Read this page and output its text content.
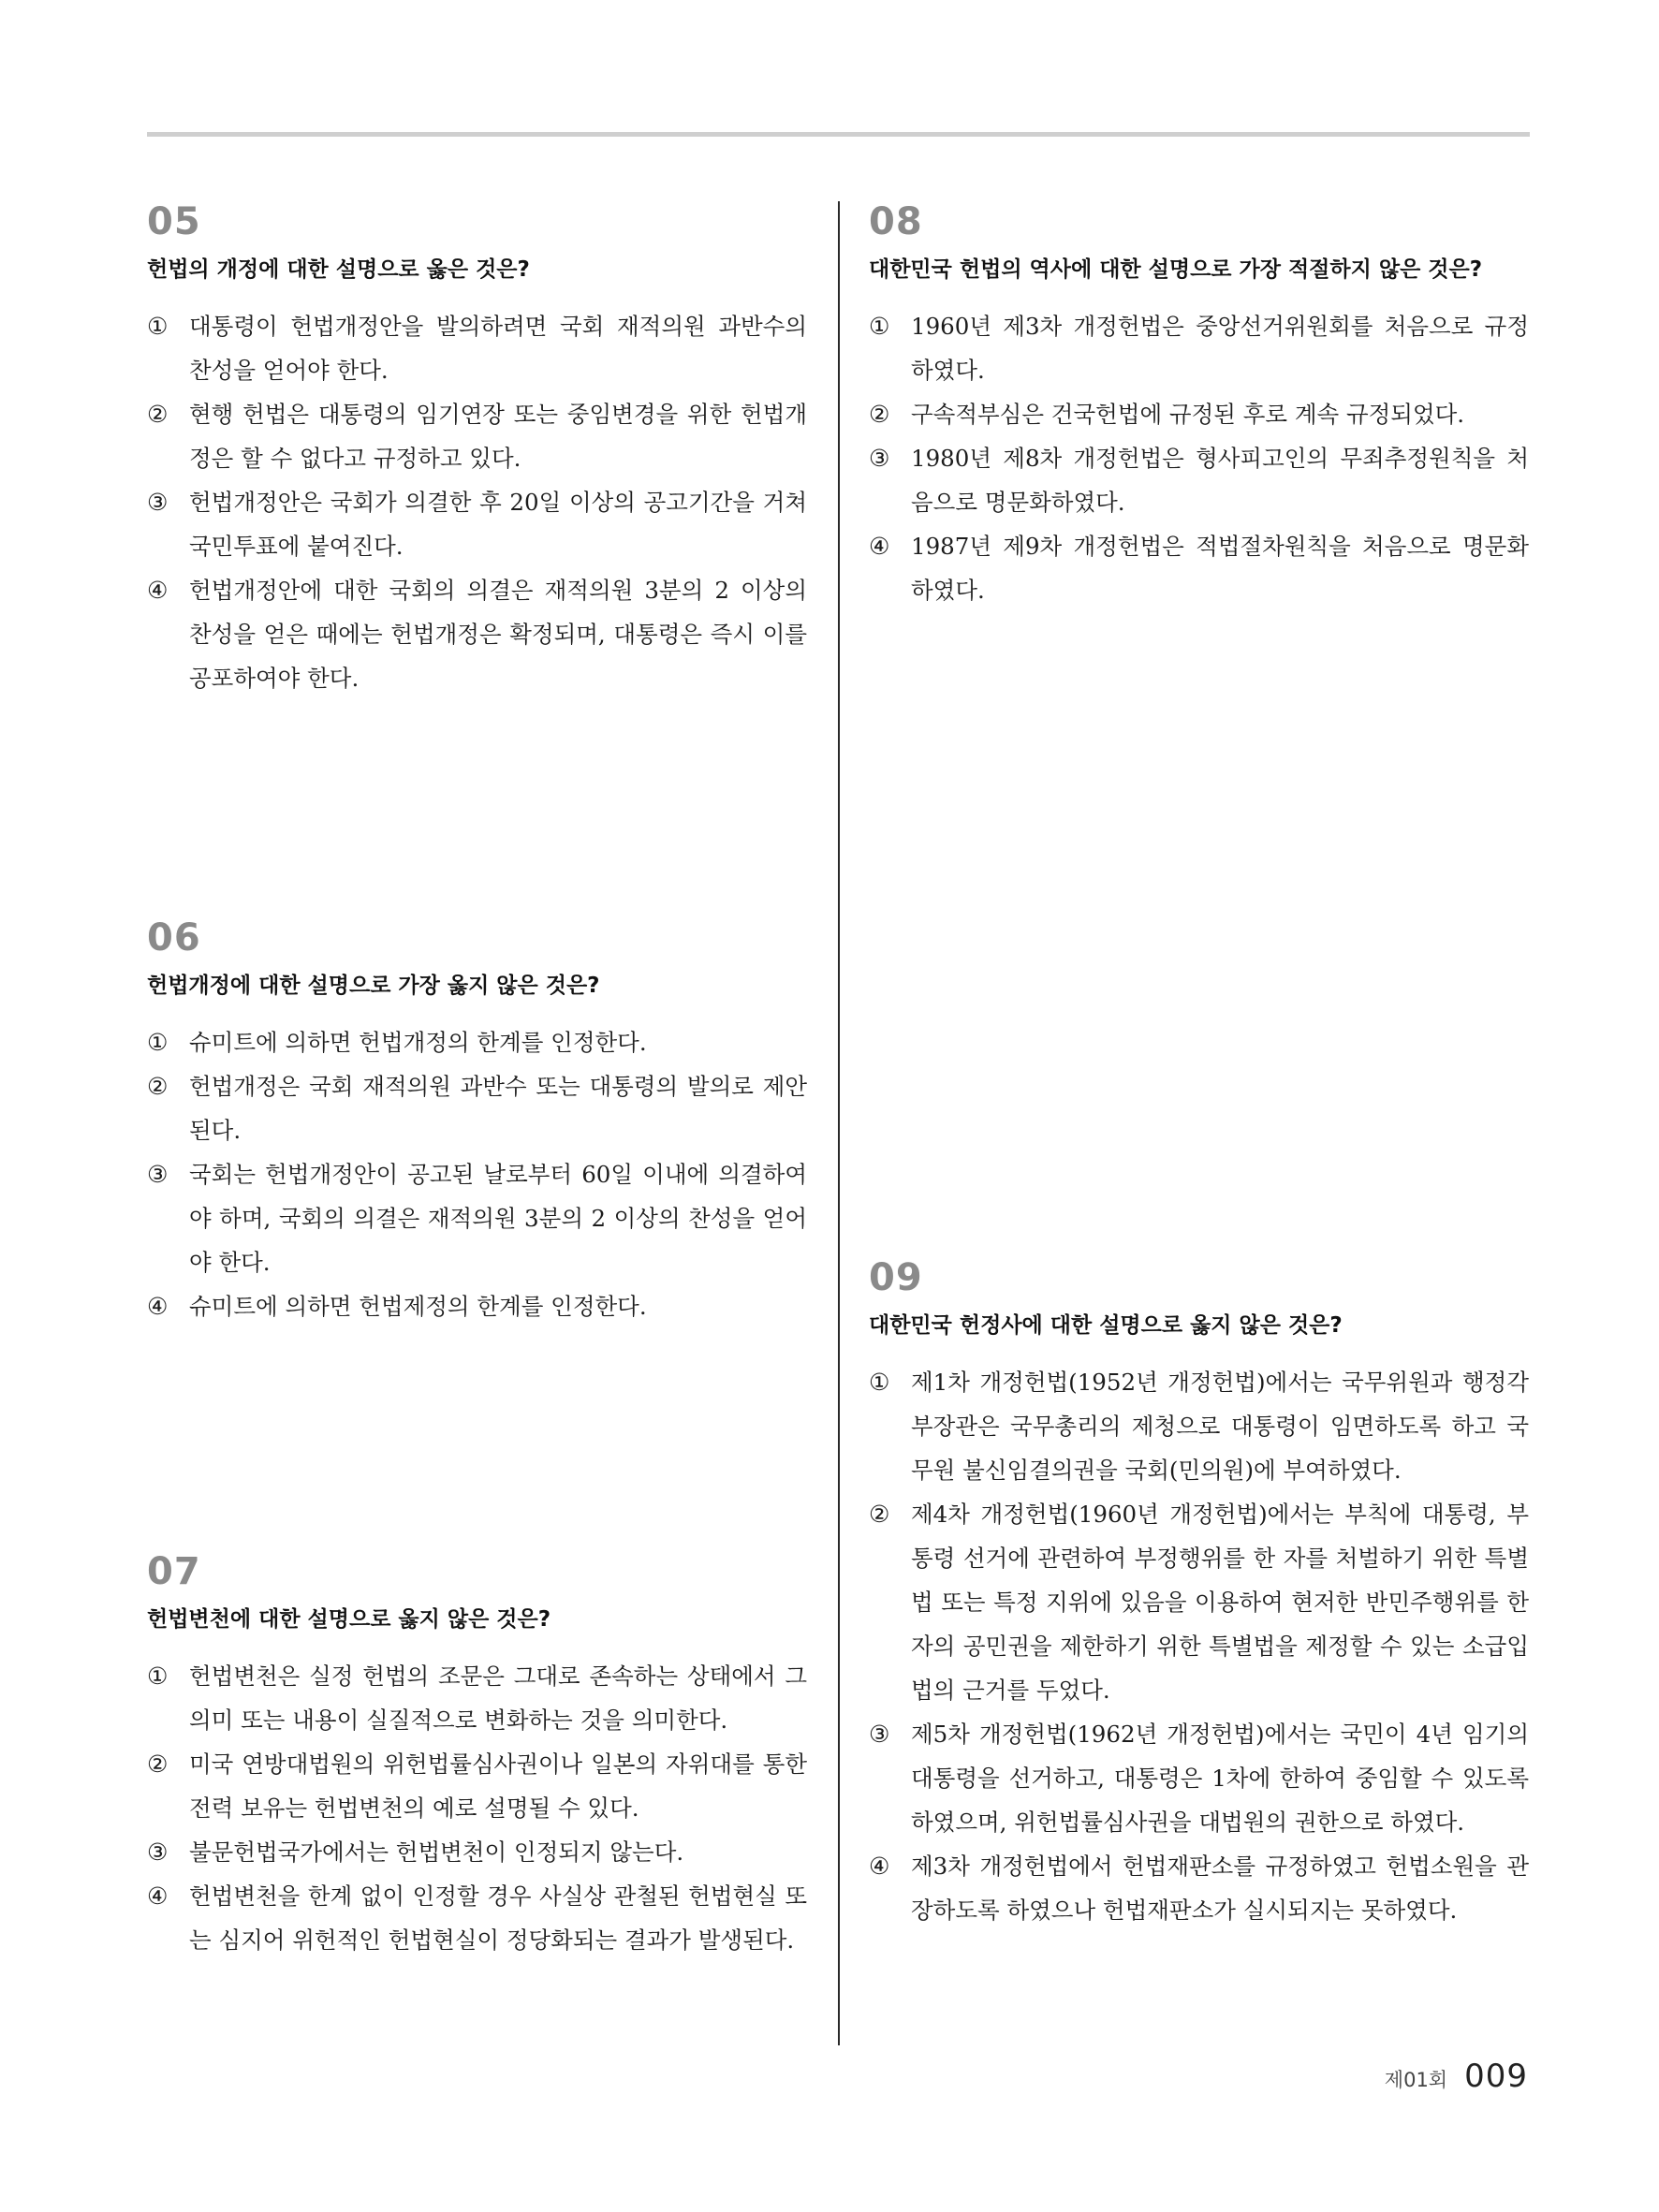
05

헌법의 개정에 대한 설명으로 옳은 것은?

① 대통령이 헌법개정안을 발의하려면 국회 재적의원 과반수의 찬성을 얻어야 한다.
② 현행 헌법은 대통령의 임기연장 또는 중임변경을 위한 헌법개정은 할 수 없다고 규정하고 있다.
③ 헌법개정안은 국회가 의결한 후 20일 이상의 공고기간을 거쳐 국민투표에 붙여진다.
④ 헌법개정안에 대한 국회의 의결은 재적의원 3분의 2 이상의 찬성을 얻은 때에는 헌법개정은 확정되며, 대통령은 즉시 이를 공포하여야 한다.
06

헌법개정에 대한 설명으로 가장 옳지 않은 것은?

① 슈미트에 의하면 헌법개정의 한계를 인정한다.
② 헌법개정은 국회 재적의원 과반수 또는 대통령의 발의로 제안된다.
③ 국회는 헌법개정안이 공고된 날로부터 60일 이내에 의결하여야 하며, 국회의 의결은 재적의원 3분의 2 이상의 찬성을 얻어야 한다.
④ 슈미트에 의하면 헌법제정의 한계를 인정한다.
07

헌법변천에 대한 설명으로 옳지 않은 것은?

① 헌법변천은 실정 헌법의 조문은 그대로 존속하는 상태에서 그 의미 또는 내용이 실질적으로 변화하는 것을 의미한다.
② 미국 연방대법원의 위헌법률심사권이나 일본의 자위대를 통한 전력 보유는 헌법변천의 예로 설명될 수 있다.
③ 불문헌법국가에서는 헌법변천이 인정되지 않는다.
④ 헌법변천을 한계 없이 인정할 경우 사실상 관철된 헌법현실 또는 심지어 위헌적인 헌법현실이 정당화되는 결과가 발생된다.
08

대한민국 헌법의 역사에 대한 설명으로 가장 적절하지 않은 것은?

① 1960년 제3차 개정헌법은 중앙선거위원회를 처음으로 규정하였다.
② 구속적부심은 건국헌법에 규정된 후로 계속 규정되었다.
③ 1980년 제8차 개정헌법은 형사피고인의 무죄추정원칙을 처음으로 명문화하였다.
④ 1987년 제9차 개정헌법은 적법절차원칙을 처음으로 명문화하였다.
09

대한민국 헌정사에 대한 설명으로 옳지 않은 것은?

① 제1차 개정헌법(1952년 개정헌법)에서는 국무위원과 행정각부장관은 국무총리의 제청으로 대통령이 임면하도록 하고 국무원 불신임결의권을 국회(민의원)에 부여하였다.
② 제4차 개정헌법(1960년 개정헌법)에서는 부칙에 대통령, 부통령 선거에 관련하여 부정행위를 한 자를 처벌하기 위한 특별법 또는 특정 지위에 있음을 이용하여 현저한 반민주행위를 한 자의 공민권을 제한하기 위한 특별법을 제정할 수 있는 소급입법의 근거를 두었다.
③ 제5차 개정헌법(1962년 개정헌법)에서는 국민이 4년 임기의 대통령을 선거하고, 대통령은 1차에 한하여 중임할 수 있도록 하였으며, 위헌법률심사권을 대법원의 권한으로 하였다.
④ 제3차 개정헌법에서 헌법재판소를 규정하였고 헌법소원을 관장하도록 하였으나 헌법재판소가 실시되지는 못하였다.
제01회 009
